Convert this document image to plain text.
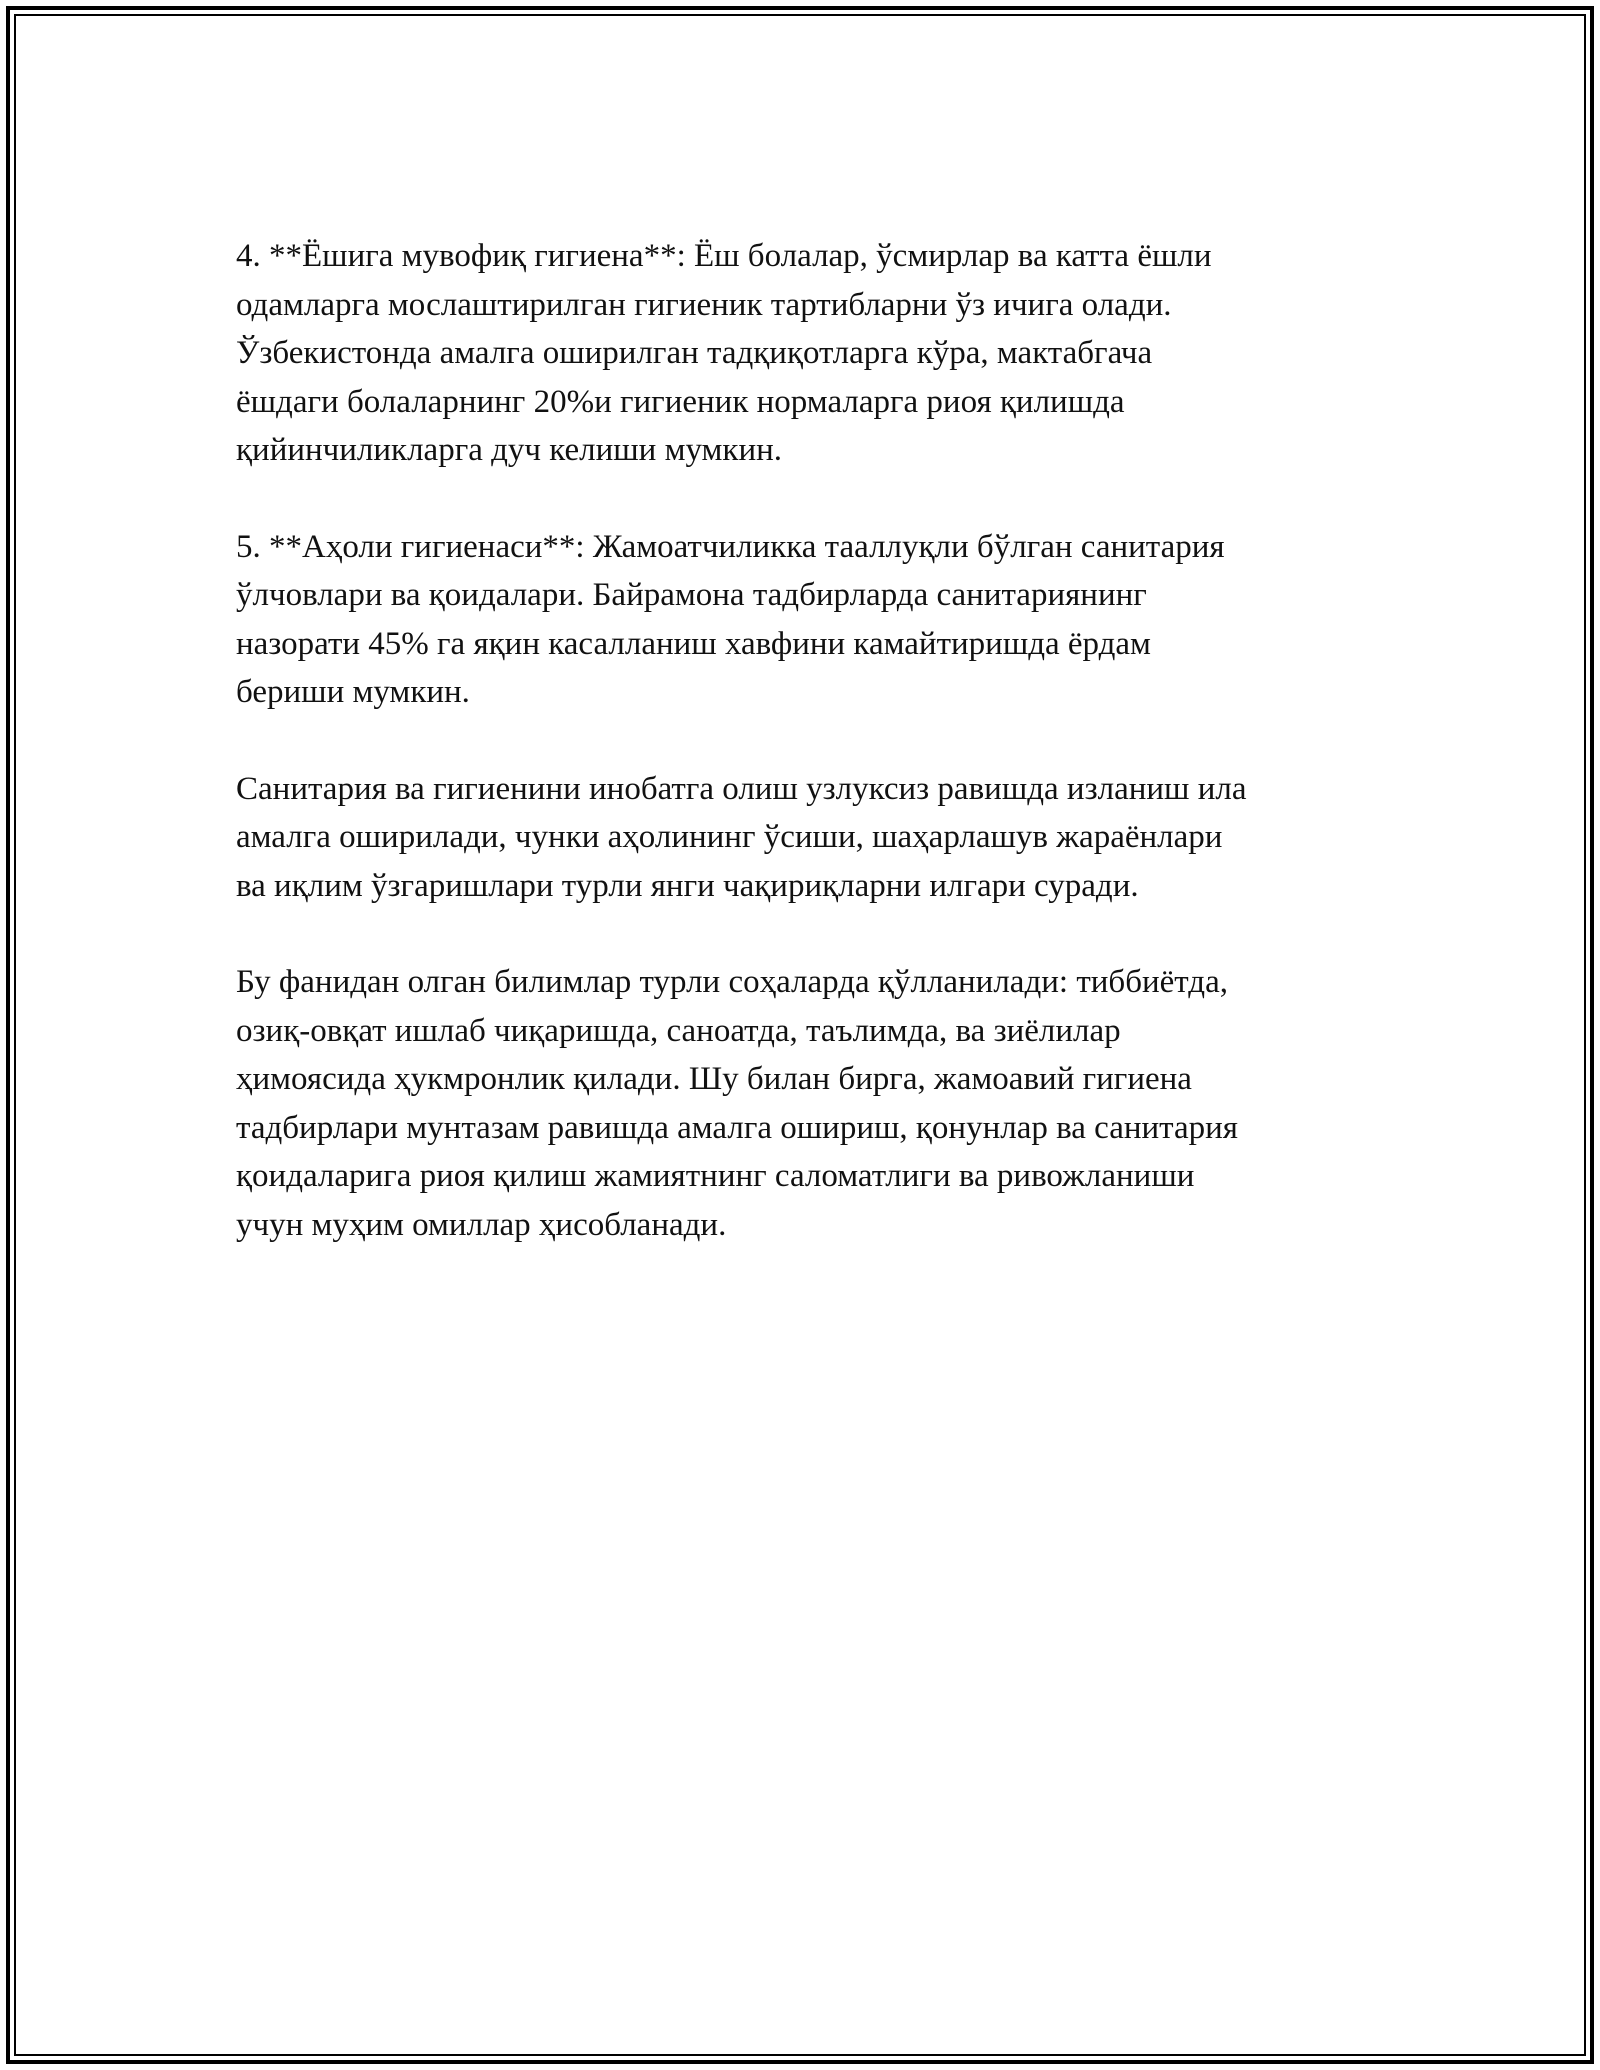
4. **Ёшига мувофиқ гигиена**: Ёш болалар, ўсмирлар ва катта ёшли
одамларга мослаштирилган гигиеник тартибларни ўз ичига олади.
Ўзбекистонда амалга оширилган тадқиқотларга кўра, мактабгача
ёшдаги болаларнинг 20%и гигиеник нормаларга риоя қилишда
қийинчиликларга дуч келиши мумкин.

5. **Аҳоли гигиенаси**: Жамоатчиликка тааллуқли бўлган санитария
ўлчовлари ва қоидалари. Байрамона тадбирларда санитариянинг
назорати 45% га яқин касалланиш хавфини камайтиришда ёрдам
бериши мумкин.

Санитария ва гигиенини инобатга олиш узлуксиз равишда изланиш ила
амалга оширилади, чунки аҳолининг ўсиши, шаҳарлашув жараёнлари
ва иқлим ўзгаришлари турли янги чақириқларни илгари суради.

Бу фанидан олган билимлар турли соҳаларда қўлланилади: тиббиётда,
озиқ-овқат ишлаб чиқаришда, саноатда, таълимда, ва зиёлилар
ҳимоясида ҳукмронлик қилади. Шу билан бирга, жамоавий гигиена
тадбирлари мунтазам равишда амалга ошириш, қонунлар ва санитария
қоидаларига риоя қилиш жамиятнинг саломатлиги ва ривожланиши
учун муҳим омиллар ҳисобланади.
